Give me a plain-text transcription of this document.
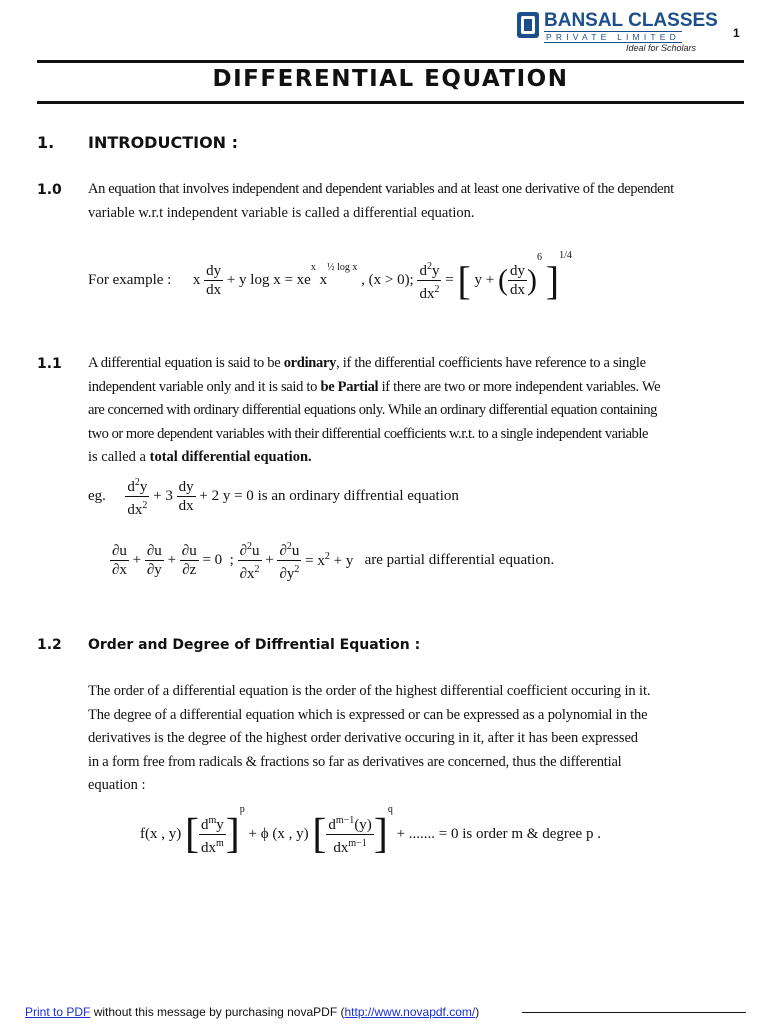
BANSAL CLASSES
PRIVATE LIMITED
Ideal for Scholars
1
DIFFERENTIAL EQUATION
1. INTRODUCTION :
1.0 An equation that involves independent and dependent variables and at least one derivative of the dependent
variable w.r.t independent variable is called a differential equation.
For example : x $\frac{dy}{dx} + y$ $\log x = xe^x$ $x^{\frac{1}{2} log x}$ , (x > 0); $\frac{d^2y}{dx^2}$ = [ y + ( $\frac{dy}{dx} )^6$ ]$^{1/4}$
1.1 A differential equation is said to be ordinary, if the differential coefficients have reference to a single
independent variable only and it is said to be Partial if there are two or more independent variables. We
are concerned with ordinary differential equations only. While an ordinary differential equation containing
two or more dependent variables with their differential coefficients w.r.t. to a single independent variable
is called a total differential equation.
eg. $\frac{d^2y}{dx^2} + 3 \frac{dy}{dx} + 2$ y = 0 is an ordinary diffrential equation
$\frac{\partial u}{\partial x} + \frac{\partial u}{\partial y} + \frac{\partial u}{\partial z} = 0$  ; $\frac{\partial^2u}{\partial x^2} + \frac{\partial^2u}{\partial y^2} = x^2 + y$   are partial differential equation.
1.2 Order and Degree of Diffrential Equation :
The order of a differential equation is the order of the highest differential coefficient occuring in it.
The degree of a differential equation which is expressed or can be expressed as a polynomial in the
derivatives is the degree of the highest order derivative occuring in it, after it has been expressed
in a form free from radicals & fractions so far as derivatives are concerned, thus the differential
equation :
f(x , y) [ $\frac{d^my}{dx^m} ]^p + \phi$ (x , y) [ $\frac{d^{m-1}(y)}{dx^{m-1}} ]^q$ + ....... = 0 is order m & degree p .
Print to PDF without this message by purchasing novaPDF (http://www.novapdf.com/)
